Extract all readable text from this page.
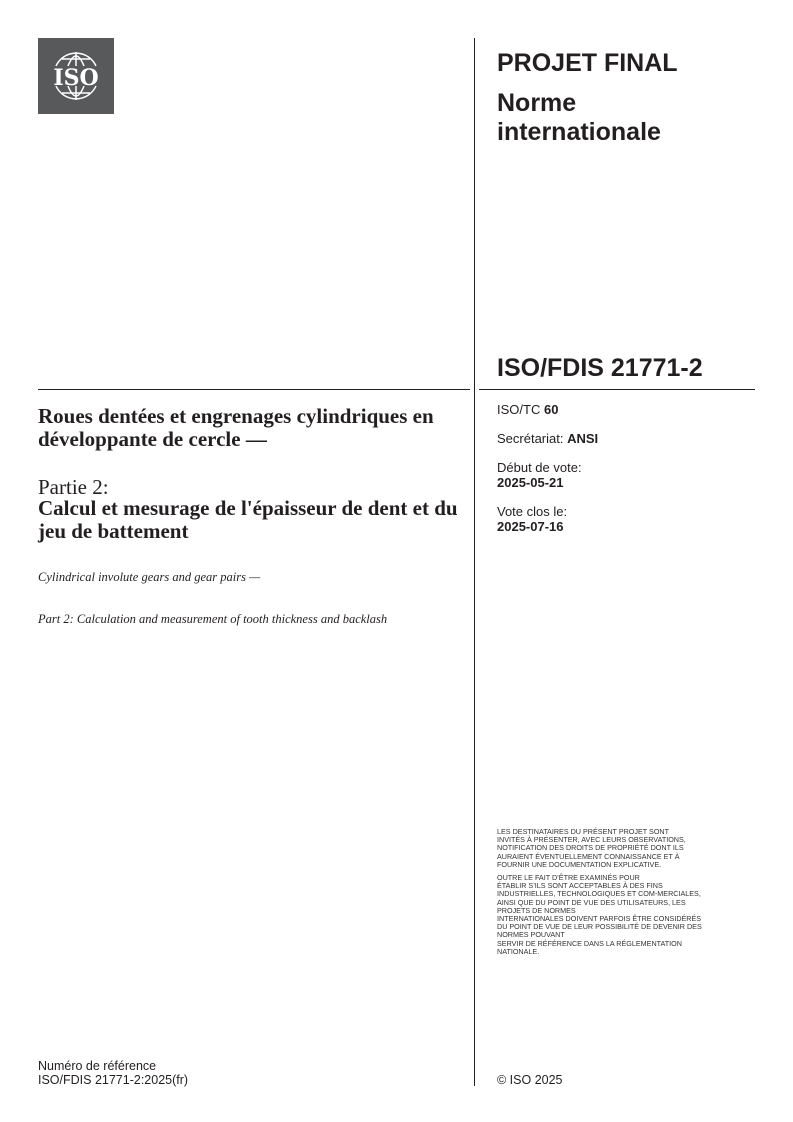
ISO
PROJET FINAL
Norme
internationale
ISO/FDIS 21771-2
ISO/TC 60
Secrétariat: ANSI
Début de vote:
2025-05-21
Vote clos le:
2025-07-16
Roues dentées et engrenages cylindriques en développante de cercle —
Partie 2:
Calcul et mesurage de l'épaisseur de dent et du jeu de battement
Cylindrical involute gears and gear pairs —
Part 2: Calculation and measurement of tooth thickness and backlash
LES DESTINATAIRES DU PRÉSENT PROJET SONT
INVITÉS À PRÉSENTER, AVEC LEURS OBSERVATIONS,
NOTIFICATION DES DROITS DE PROPRIÉTÉ DONT ILS
AURAIENT ÉVENTUELLEMENT CONNAISSANCE ET À
FOURNIR UNE DOCUMENTATION EXPLICATIVE.
OUTRE LE FAIT D’ÊTRE EXAMINÉS POUR
ÉTABLIR S’ILS SONT ACCEPTABLES À DES FINS
INDUSTRIELLES, TECHNOLOGIQUES ET COM-MERCIALES,
AINSI QUE DU POINT DE VUE DES UTILISATEURS, LES
PROJETS DE NORMES
INTERNATIONALES DOIVENT PARFOIS ÊTRE CONSIDÉRÉS
DU POINT DE VUE DE LEUR POSSIBILITÉ DE DEVENIR DES
NORMES POUVANT
SERVIR DE RÉFÉRENCE DANS LA RÉGLEMENTATION
NATIONALE.
Numéro de référence
ISO/FDIS 21771-2:2025(fr)	© ISO 2025
